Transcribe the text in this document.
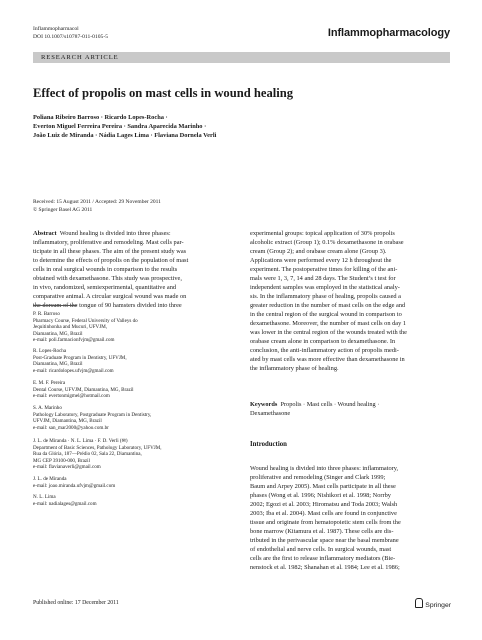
Inflammopharmacol
DOI 10.1007/s10787-011-0105-5	Inflammopharmacology
RESEARCH ARTICLE
Effect of propolis on mast cells in wound healing
Poliana Ribeiro Barroso · Ricardo Lopes-Rocha ·
Everton Miguel Ferreira Pereira · Sandra Aparecida Marinho ·
João Luiz de Miranda · Nádia Lages Lima · Flaviana Dornela Verli
Received: 15 August 2011 / Accepted: 29 November 2011
© Springer Basel AG 2011

Abstract Wound healing is divided into three phases:

inflammatory, proliferative and remodeling. Mast cells par-

ticipate in all these phases. The aim of the present study was

to determine the effects of propolis on the population of mast

cells in oral surgical wounds in comparison to the results

obtained with dexamethasone. This study was prospective,

in vivo, randomized, semiexperimental, quantitative and

comparative animal. A circular surgical wound was made on

the dorsum of the tongue of 90 hamsters divided into three

P. R. Barroso
Pharmacy Course, Federal University of Valleys do
Jequitinhonha and Mucuri, UFVJM,
Diamantina, MG, Brazil
e-mail: poli.farmacionfvjm@gmail.com
R. Lopes-Rocha
Post-Graduate Program in Dentistry, UFVJM,
Diamantina, MG, Brazil
e-mail: ricardolopes.ufvjm@gmail.com
E. M. F. Pereira
Dental Course, UFVJM, Diamantina, MG, Brazil
e-mail: evertonmigmel@hotmail.com
S. A. Marinho
Pathology Laboratory, Postgraduate Program in Dentistry,
UFVJM, Diamantina, MG, Brazil
e-mail: san_mar2000@yahoo.com.br
J. L. de Miranda · N. L. Lima · F. D. Verli (✉)
Department of Basic Sciences, Pathology Laboratory, UFVJM,
Rua da Glória, 187—Prédio 02, Sala 22, Diamantina,
MG CEP 39100-000, Brazil
e-mail: flavianaverli@gmail.com
J. L. de Miranda
e-mail: joao.miranda.ufvjm@gmail.com
N. L. Lima
e-mail: nadialages@gmail.com

experimental groups: topical application of 30% propolis

alcoholic extract (Group 1); 0.1% dexamethasone in orabase

cream (Group 2); and orabase cream alone (Group 3).

Applications were performed every 12 h throughout the

experiment. The postoperative times for killing of the ani-

mals were 1, 3, 7, 14 and 28 days. The Student’s t test for

independent samples was employed in the statistical analy-

sis. In the inflammatory phase of healing, propolis caused a

greater reduction in the number of mast cells on the edge and

in the central region of the surgical wound in comparison to

dexamethasone. Moreover, the number of mast cells on day 1

was lower in the central region of the wounds treated with the

orabase cream alone in comparison to dexamethasone. In

conclusion, the anti-inflammatory action of propolis medi-

ated by mast cells was more effective than dexamethasone in

the inflammatory phase of healing.

Keywords Propolis · Mast cells · Wound healing ·
Dexamethasone
Introduction

Wound healing is divided into three phases: inflammatory,

proliferative and remodeling (Singer and Clark 1999;

Baum and Arpey 2005). Mast cells participate in all these

phases (Wong et al. 1996; Nishikori et al. 1998; Norrby

2002; Egozi et al. 2003; Hiromatsu and Toda 2003; Walsh

2003; Iba et al. 2004). Mast cells are found in conjunctive

tissue and originate from hematopoietic stem cells from the

bone marrow (Kitamura et al. 1987). These cells are dis-

tributed in the perivascular space near the basal membrane

of endothelial and nerve cells. In surgical wounds, mast

cells are the first to release inflammatory mediators (Bie-

nenstock et al. 1982; Shanahan et al. 1984; Lee et al. 1986;

Published online: 17 December 2011	Springer
